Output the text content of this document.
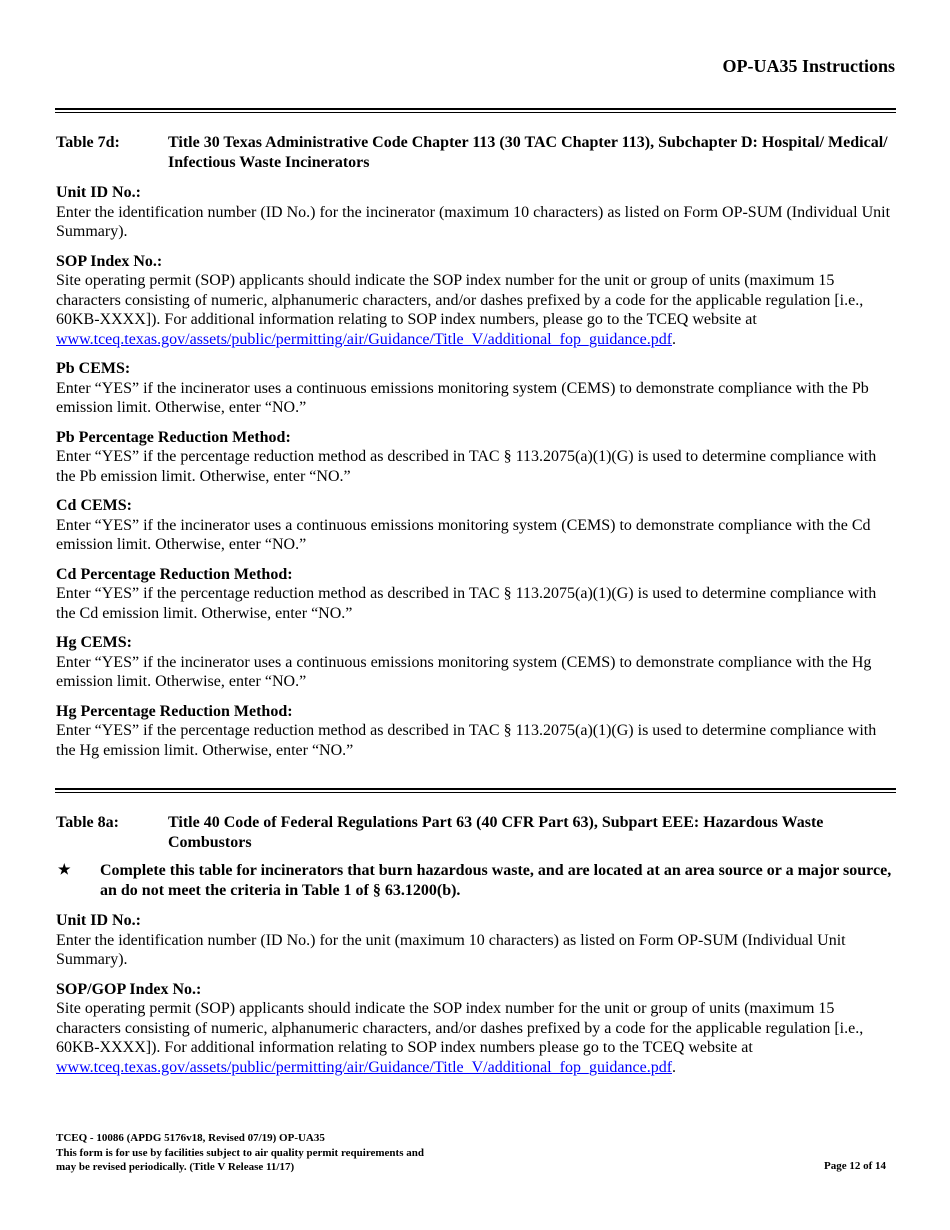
OP-UA35 Instructions
Table 7d:	Title 30 Texas Administrative Code Chapter 113 (30 TAC Chapter 113), Subchapter D: Hospital/ Medical/ Infectious Waste Incinerators
Unit ID No.:
Enter the identification number (ID No.) for the incinerator (maximum 10 characters) as listed on Form OP-SUM (Individual Unit Summary).
SOP Index No.:
Site operating permit (SOP) applicants should indicate the SOP index number for the unit or group of units (maximum 15 characters consisting of numeric, alphanumeric characters, and/or dashes prefixed by a code for the applicable regulation [i.e., 60KB-XXXX]). For additional information relating to SOP index numbers, please go to the TCEQ website at www.tceq.texas.gov/assets/public/permitting/air/Guidance/Title_V/additional_fop_guidance.pdf.
Pb CEMS:
Enter “YES” if the incinerator uses a continuous emissions monitoring system (CEMS) to demonstrate compliance with the Pb emission limit. Otherwise, enter “NO.”
Pb Percentage Reduction Method:
Enter “YES” if the percentage reduction method as described in TAC § 113.2075(a)(1)(G) is used to determine compliance with the Pb emission limit. Otherwise, enter “NO.”
Cd CEMS:
Enter “YES” if the incinerator uses a continuous emissions monitoring system (CEMS) to demonstrate compliance with the Cd emission limit. Otherwise, enter “NO.”
Cd Percentage Reduction Method:
Enter “YES” if the percentage reduction method as described in TAC § 113.2075(a)(1)(G) is used to determine compliance with the Cd emission limit. Otherwise, enter “NO.”
Hg CEMS:
Enter “YES” if the incinerator uses a continuous emissions monitoring system (CEMS) to demonstrate compliance with the Hg emission limit. Otherwise, enter “NO.”
Hg Percentage Reduction Method:
Enter “YES” if the percentage reduction method as described in TAC § 113.2075(a)(1)(G) is used to determine compliance with the Hg emission limit. Otherwise, enter “NO.”
Table 8a:	Title 40 Code of Federal Regulations Part 63 (40 CFR Part 63), Subpart EEE: Hazardous Waste Combustors
★	Complete this table for incinerators that burn hazardous waste, and are located at an area source or a major source, an do not meet the criteria in Table 1 of § 63.1200(b).
Unit ID No.:
Enter the identification number (ID No.) for the unit (maximum 10 characters) as listed on Form OP-SUM (Individual Unit Summary).
SOP/GOP Index No.:
Site operating permit (SOP) applicants should indicate the SOP index number for the unit or group of units (maximum 15 characters consisting of numeric, alphanumeric characters, and/or dashes prefixed by a code for the applicable regulation [i.e., 60KB-XXXX]). For additional information relating to SOP index numbers please go to the TCEQ website at www.tceq.texas.gov/assets/public/permitting/air/Guidance/Title_V/additional_fop_guidance.pdf.
TCEQ - 10086 (APDG 5176v18, Revised 07/19) OP-UA35
This form is for use by facilities subject to air quality permit requirements and
may be revised periodically. (Title V Release 11/17)	Page 12 of 14
